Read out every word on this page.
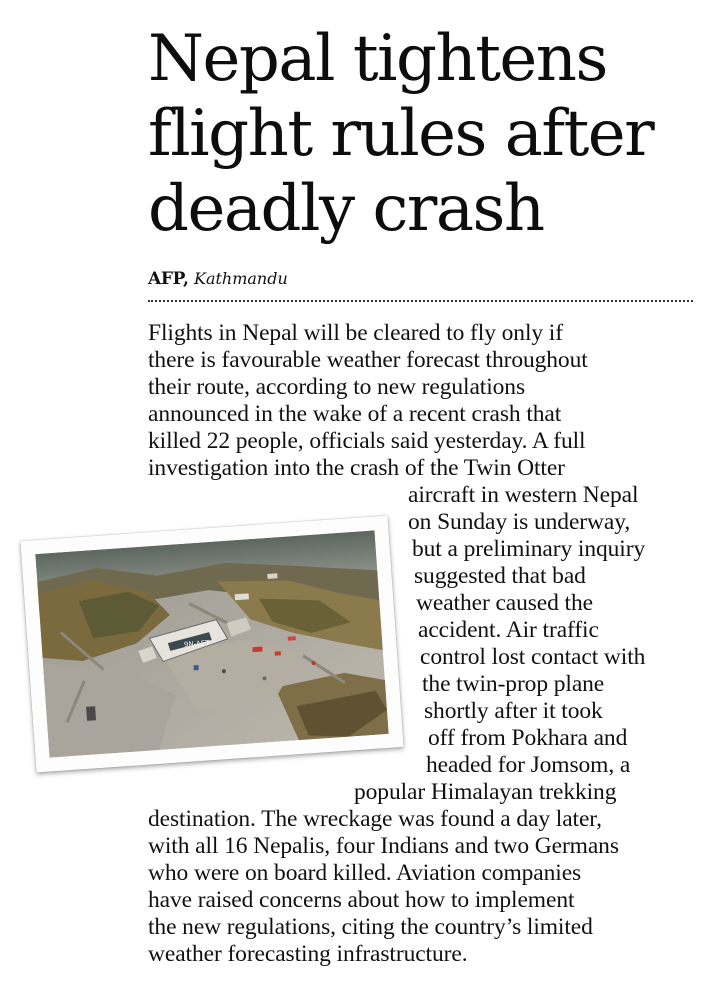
Nepal tightens
flight rules after
deadly crash

AFP, Kathmandu

9N-AET

Flights in Nepal will be cleared to fly only if

there is favourable weather forecast throughout

their route, according to new regulations

announced in the wake of a recent crash that

killed 22 people, officials said yesterday. A full

investigation into the crash of the Twin Otter

aircraft in western Nepal

on Sunday is underway,

but a preliminary inquiry

suggested that bad

weather caused the

accident. Air traffic

control lost contact with

the twin-prop plane

shortly after it took

off from Pokhara and

headed for Jomsom, a

popular Himalayan trekking

destination. The wreckage was found a day later,

with all 16 Nepalis, four Indians and two Germans

who were on board killed. Aviation companies

have raised concerns about how to implement

the new regulations, citing the country’s limited

weather forecasting infrastructure.
